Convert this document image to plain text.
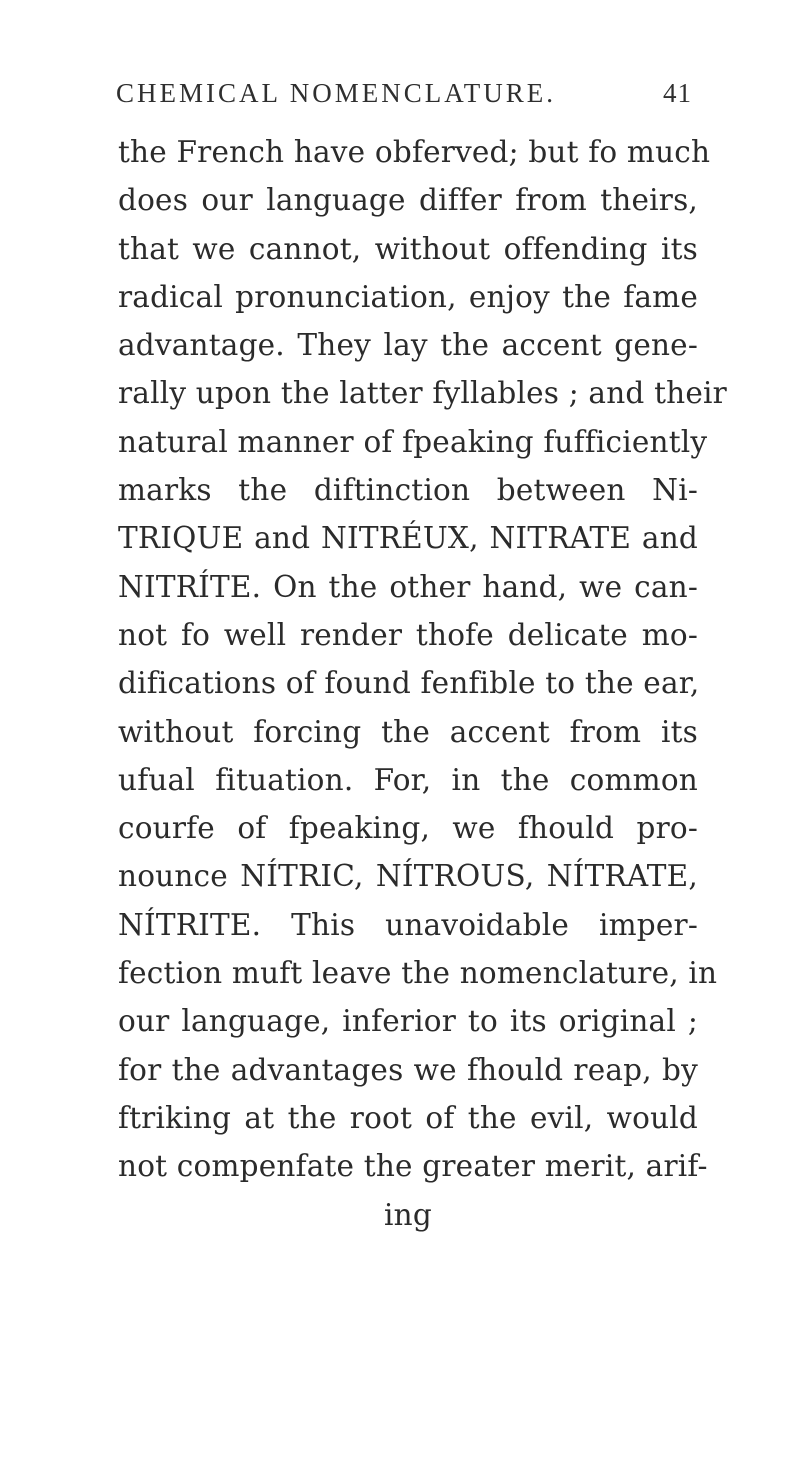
CHEMICAL NOMENCLATURE.	41
the French have obferved; but fo much
does our language differ from theirs,
that we cannot, without offending its
radical pronunciation, enjoy the fame
advantage. They lay the accent gene-
rally upon the latter fyllables ; and their
natural manner of fpeaking fufficiently
marks the diftinction between Ni-
TRIQUE and NITRÉUX, NITRATE and
NITRÍTE. On the other hand, we can-
not fo well render thofe delicate mo-
difications of found fenfible to the ear,
without forcing the accent from its
ufual fituation. For, in the common
courfe of fpeaking, we fhould pro-
nounce NÍTRIC, NÍTROUS, NÍTRATE,
NÍTRITE. This unavoidable imper-
fection muft leave the nomenclature, in
our language, inferior to its original ;
for the advantages we fhould reap, by
ftriking at the root of the evil, would
not compenfate the greater merit, arif-
ing
